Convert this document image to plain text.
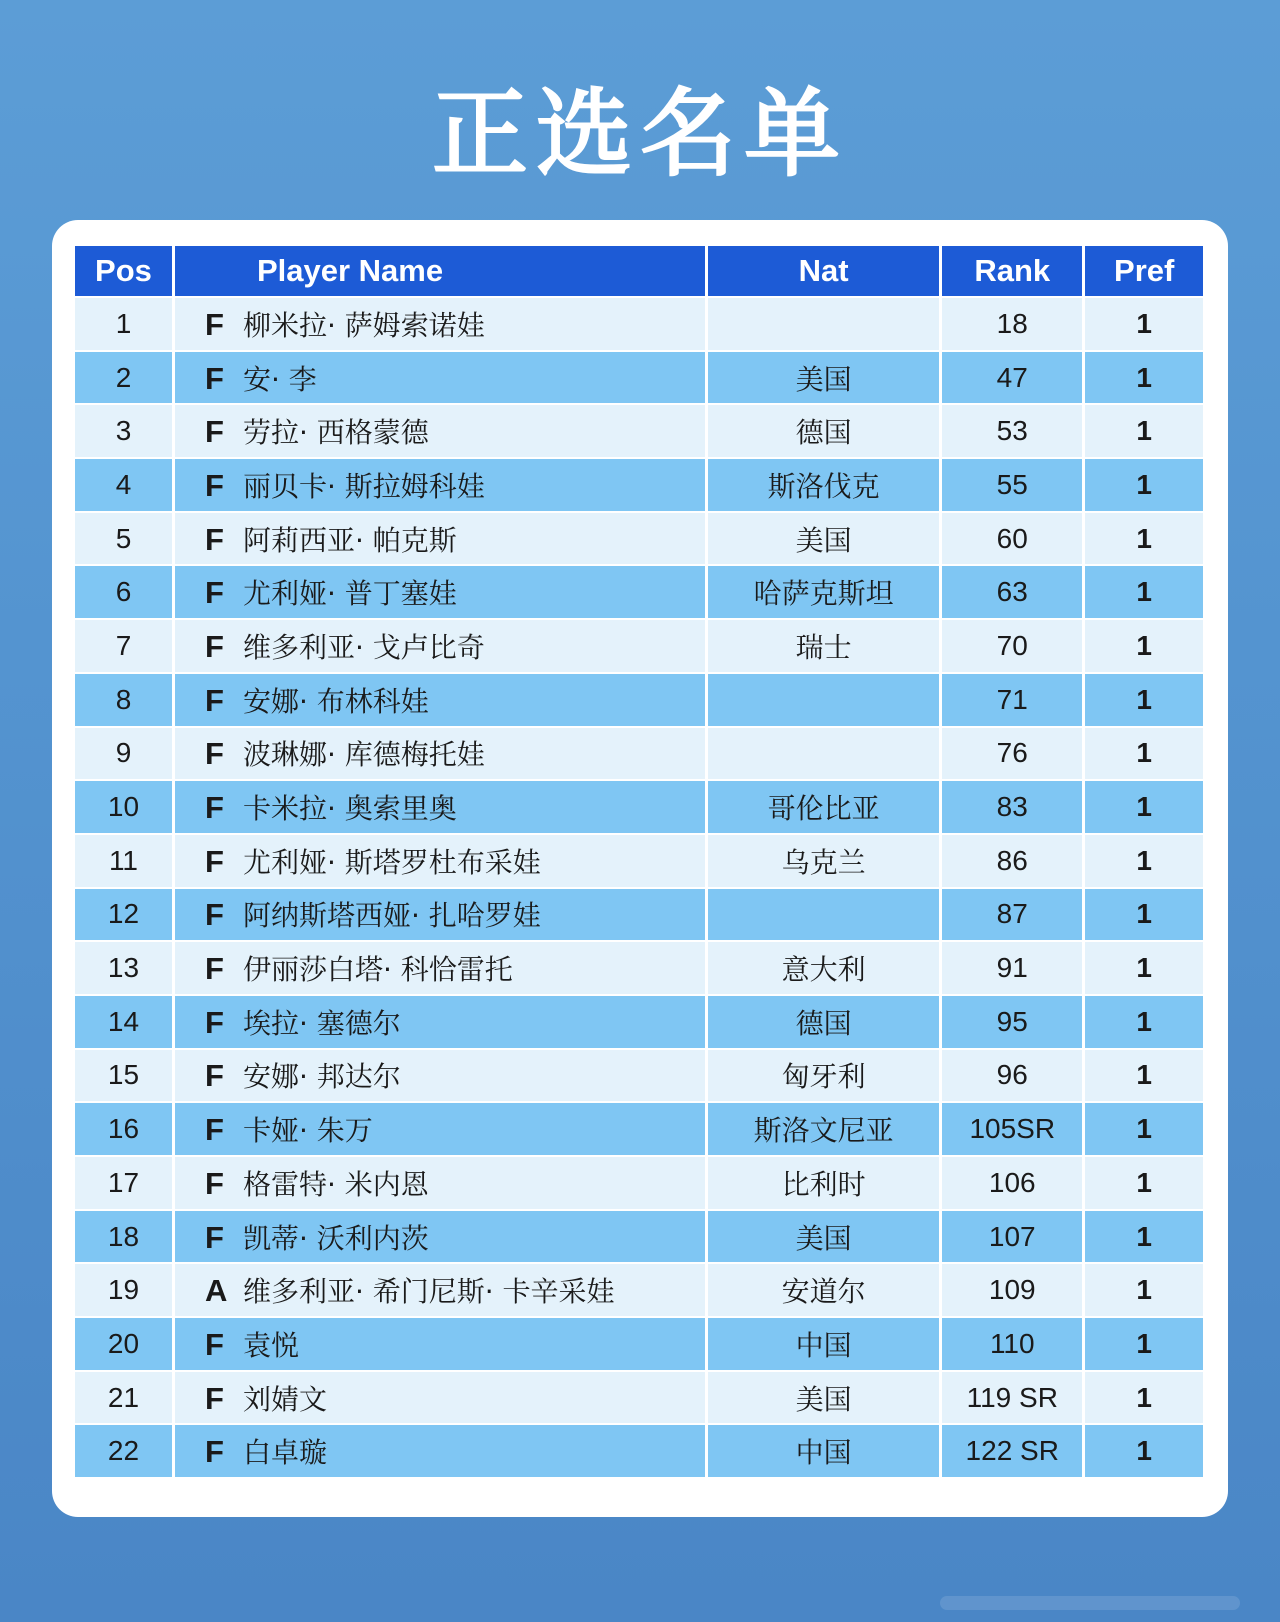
正选名单
Pos	Player Name	Nat	Rank	Pref
1	F 柳米拉· 萨姆索诺娃		18	1
2	F 安· 李	美国	47	1
3	F 劳拉· 西格蒙德	德国	53	1
4	F 丽贝卡· 斯拉姆科娃	斯洛伐克	55	1
5	F 阿莉西亚· 帕克斯	美国	60	1
6	F 尤利娅· 普丁塞娃	哈萨克斯坦	63	1
7	F 维多利亚· 戈卢比奇	瑞士	70	1
8	F 安娜· 布林科娃		71	1
9	F 波琳娜· 库德梅托娃		76	1
10	F 卡米拉· 奥索里奥	哥伦比亚	83	1
11	F 尤利娅· 斯塔罗杜布采娃	乌克兰	86	1
12	F 阿纳斯塔西娅· 扎哈罗娃		87	1
13	F 伊丽莎白塔· 科恰雷托	意大利	91	1
14	F 埃拉· 塞德尔	德国	95	1
15	F 安娜· 邦达尔	匈牙利	96	1
16	F 卡娅· 朱万	斯洛文尼亚	105SR	1
17	F 格雷特· 米内恩	比利时	106	1
18	F 凯蒂· 沃利内茨	美国	107	1
19	A 维多利亚· 希门尼斯· 卡辛采娃	安道尔	109	1
20	F 袁悦	中国	110	1
21	F 刘婧文	美国	119 SR	1
22	F 白卓璇	中国	122 SR	1
